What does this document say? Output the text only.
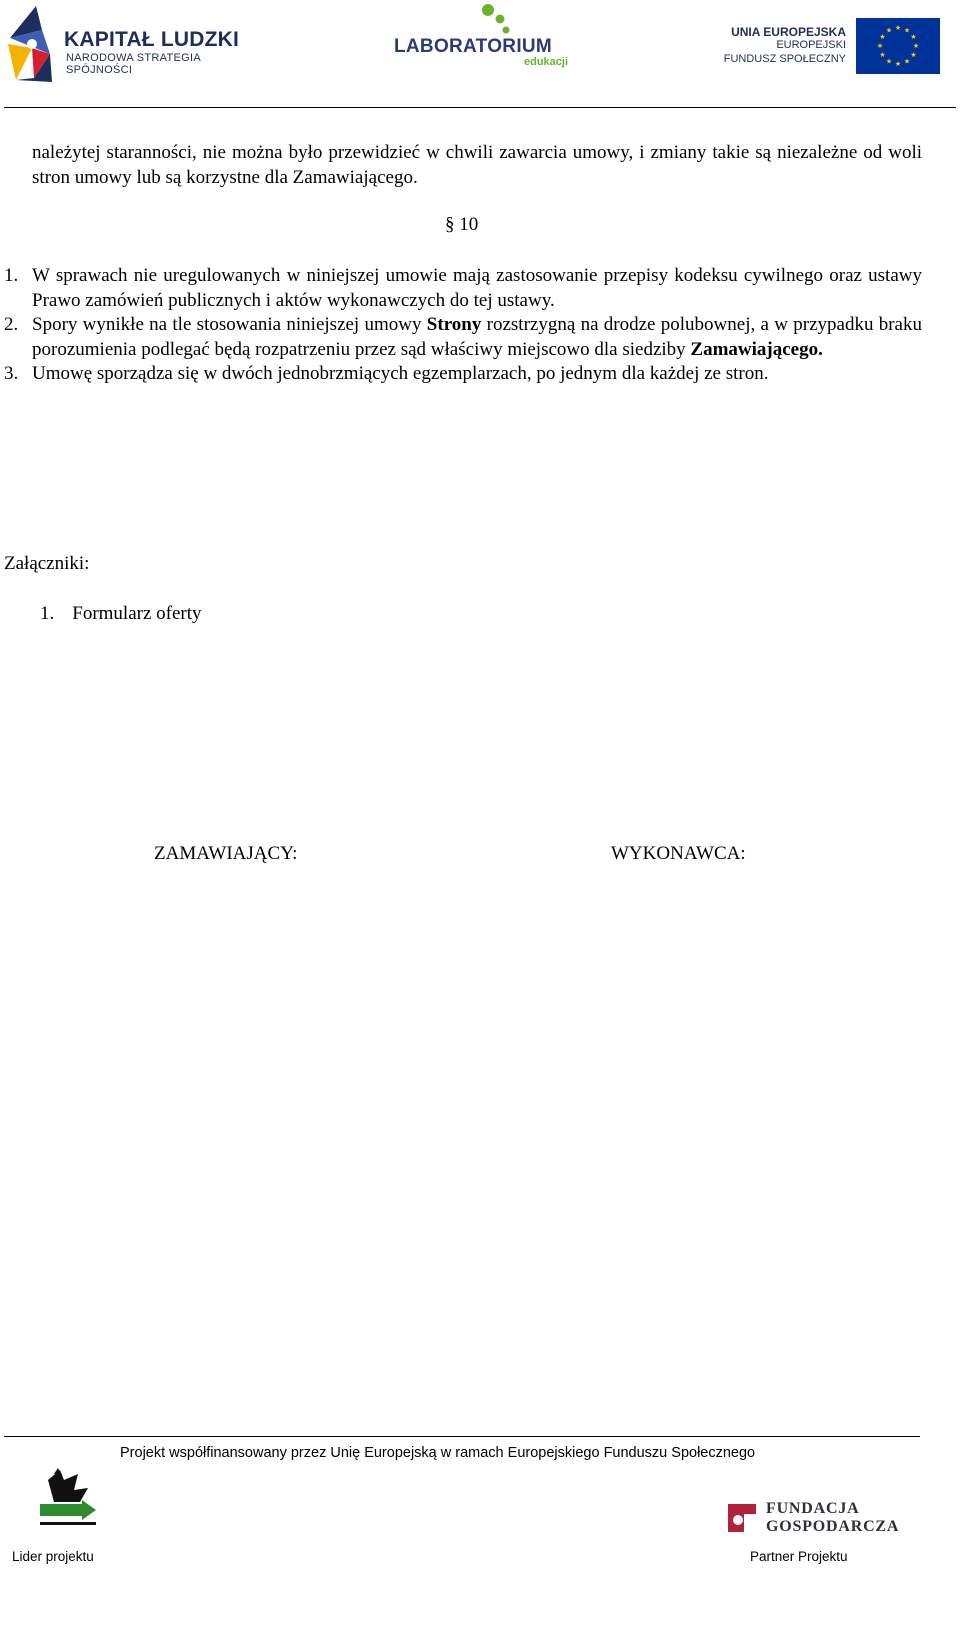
KAPITAŁ LUDZKI
NARODOWA STRATEGIA SPÓJNOŚCI
LABORATORIUM
edukacji
UNIA EUROPEJSKA
EUROPEJSKI
FUNDUSZ SPOŁECZNY
★ ★
★
★
★
★
★
★
★
★
★
★
należytej staranności, nie można było przewidzieć w chwili zawarcia umowy, i zmiany takie są niezależne od woli stron umowy lub są korzystne dla Zamawiającego.
§ 10
1. W sprawach nie uregulowanych w niniejszej umowie mają zastosowanie przepisy kodeksu cywilnego oraz ustawy Prawo zamówień publicznych i aktów wykonawczych do tej ustawy.
2. Spory wynikłe na tle stosowania niniejszej umowy Strony rozstrzygną na drodze polubownej, a w przypadku braku porozumienia podlegać będą rozpatrzeniu przez sąd właściwy miejscowo dla siedziby Zamawiającego.
3. Umowę sporządza się w dwóch jednobrzmiących egzemplarzach, po jednym dla każdej ze stron.
Załączniki:
1. Formularz oferty
ZAMAWIAJĄCY:	WYKONAWCA:
Projekt współfinansowany przez Unię Europejską w ramach Europejskiego Funduszu Społecznego
Lider projektu
FUNDACJA
GOSPODARCZA
Partner Projektu
